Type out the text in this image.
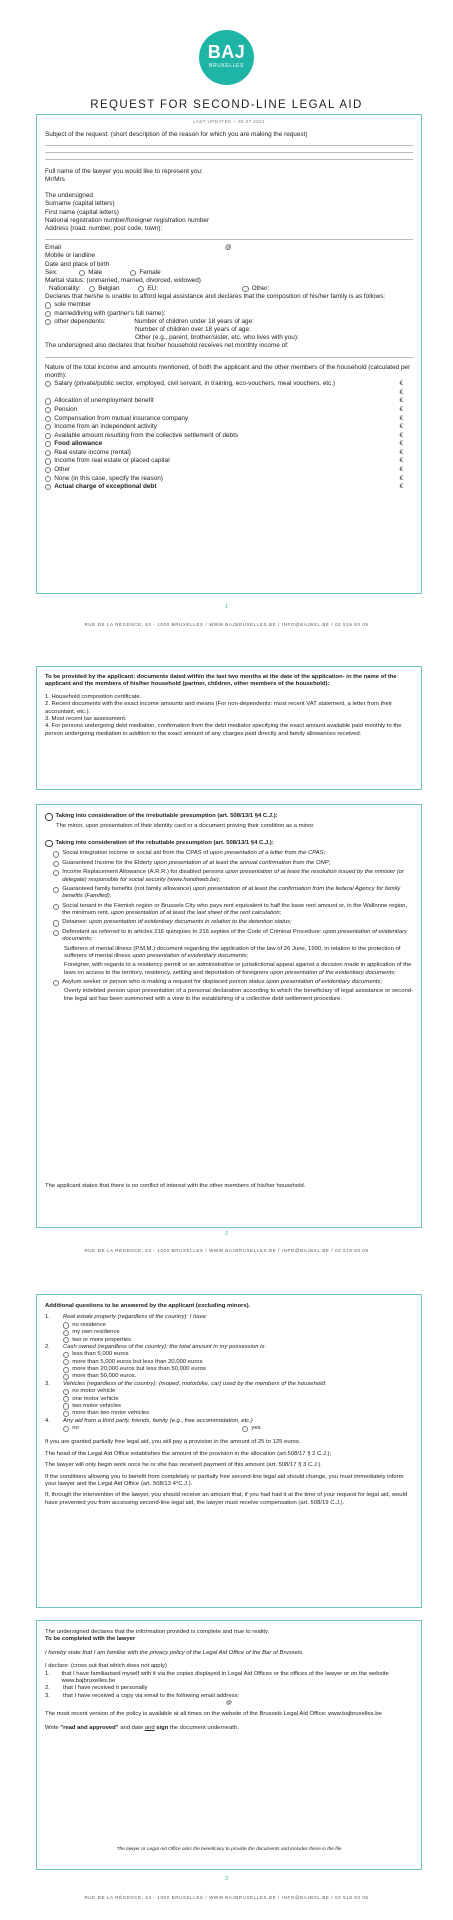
BAJ
BRUXELLES
REQUEST FOR SECOND-LINE LEGAL AID
LAST UPDATED – 30.07.2021
Subject of the request: (short description of the reason for which you are making the request)
Full name of the lawyer you would like to represent you:
Mr/Mrs
The undersigned
Surname (capital letters)
First name (capital letters)
National registration number/foreigner registration number
Address (road, number, post code, town):
Email	@
Mobile or landline
Date and place of birth
Sex:	Male	Female
Marital status: (unmarried, married, divorced, widowed)
Nationality:	Belgian	EU:	Other:
Declares that he/she is unable to afford legal assistance and declares that the composition of his/her family is as follows:
sole member
married/living with (partner's full name):
other dependents:	Number of children under 18 years of age:
Number of children over 18 years of age:
Other (e.g., parent, brother/sister, etc. who lives with you):
The undersigned also declares that his/her household receives net monthly income of:
Nature of the total income and amounts mentioned, of both the applicant and the other members of the household (calculated per month):
Salary (private/public sector, employed, civil servant, in training, eco-vouchers, meal vouchers, etc.)	€
€
Allocation of unemployment benefit	€
Pension	€
Compensation from mutual insurance company	€
Income from an independent activity	€
Available amount resulting from the collective settlement of debts	€
Food allowance	€
Real estate income (rental)	€
Income from real estate or placed capital	€
Other	€
None (in this case, specify the reason)	€
Actual charge of exceptional debt	€
1
RUE DE LA RÉGENCE, 63 - 1000 BRUXELLES / WWW.BAJBRUXELLES.BE / INFO@BAJBXL.BE / 02 519 83 05
To be provided by the applicant: documents dated within the last two months at the date of the application- in the name of the applicant and the members of his/her household (partner, children, other members of the household):
1. Household composition certificate.
2. Recent documents with the exact income amounts and means (For non-dependents: most recent VAT statement, a letter from their accountant, etc.).
3. Most recent tax assessment.
4. For persons undergoing debt mediation, confirmation from the debt mediator specifying the exact amount available paid monthly to the person undergoing mediation in addition to the exact amount of any charges paid directly and family allowances received.
Taking into consideration of the irrebuttable presumption (art. 508/13/1 §4 C.J.):
The minor, upon presentation of their identity card or a document proving their condition as a minor.
Taking into consideration of the rebuttable presumption (art. 508/13/1 §4 C.J.):
Social integration income or social aid from the CPAS of upon presentation of a letter from the CPAS;
Guaranteed Income for the Elderly upon presentation of at least the annual confirmation from the ONP;
Income Replacement Allowance (A.R.R.) for disabled persons upon presentation of at least the resolution issued by the minister (or delegate) responsible for social security (www.handiweb.be);
Guaranteed family benefits (not family allowance) upon presentation of at least the confirmation from the federal Agency for family benefits (Famifed);
Social tenant in the Flemish region or Brussels City who pays rent equivalent to half the base rent amount or, in the Wallonne region, the minimum rent, upon presentation of at least the last sheet of the rent calculation;
Detainee: upon presentation of evidentiary documents in relation to the detention status;
Defendant as referred to in articles 216 quinquies to 216 septies of the Code of Criminal Procedure: upon presentation of evidentiary documents;
Sufferers of mental illness (P.M.M.) document regarding the application of the law of 26 June, 1990, in relation to the protection of sufferers of mental illness upon presentation of evidentiary documents;
Foreigner, with regards to a residency permit or an administrative or jurisdictional appeal against a decision made in application of the laws on access to the territory, residency, settling and deportation of foreigners upon presentation of the evidentiary documents;
Asylum seeker or person who is making a request for displaced person status upon presentation of evidentiary documents;
Overly indebted person upon presentation of a personal declaration according to which the beneficiary of legal assistance or second-line legal aid has been summoned with a view to the establishing of a collective debt settlement procedure.
The applicant states that there is no conflict of interest with the other members of his/her household.
2
RUE DE LA RÉGENCE, 63 - 1000 BRUXELLES / WWW.BAJBRUXELLES.BE / INFO@BAJBXL.BE / 02 519 83 05
Additional questions to be answered by the applicant (excluding minors).
1.	Real estate property (regardless of the country): I have:
no residence
my own residence
two or more properties
2.	Cash owned (regardless of the country): the total amount in my possession is:
less than 5,000 euros
more than 5,000 euros but less than 20,000 euros
more than 20,000 euros but less than 50,000 euros
more than 50,000 euros.
3.	Vehicles (regardless of the country): (moped, motorbike, car) used by the members of the household:
no motor vehicle
one motor vehicle
two motor vehicles
more than two motor vehicles
4.	Any aid from a third party, friends, family (e.g., free accommodation, etc.)
no	yes
If you are granted partially free legal aid, you will pay a provision in the amount of 25 to 125 euros.
The head of the Legal Aid Office establishes the amount of the provision in the allocation (art.508/17 § 2 C.J.);
The lawyer will only begin work once he or she has received payment of this amount (art. 508/17 § 3 C.J.).
If the conditions allowing you to benefit from completely or partially free second-line legal aid should change, you must immediately inform your lawyer and the Legal Aid Office (art. 508/13 4°C.J.).
If, through the intervention of the lawyer, you should receive an amount that, if you had had it at the time of your request for legal aid, would have prevented you from accessing second-line legal aid, the lawyer must receive compensation (art. 508/19 C.J.).
The undersigned declares that the information provided is complete and true to reality.
To be completed with the lawyer
I hereby state that I am familiar with the privacy policy of the Legal Aid Office of the Bar of Brussels.
I declare: (cross out that which does not apply)
1.	that I have familiarised myself with it via the copies displayed in Legal Aid Offices or the offices of the lawyer or on the website www.bajbruxelles.be
2.	that I have received it personally
3.	that I have received a copy via email to the following email address:
@
The most recent version of the policy is available at all times on the website of the Brussels Legal Aid Office: www.bajbruxelles.be
Write "read and approved" and date and sign the document underneath.
The lawyer or Legal Aid Office asks the beneficiary to provide the documents and includes these in the file
3
RUE DE LA RÉGENCE, 63 - 1000 BRUXELLES / WWW.BAJBRUXELLES.BE / INFO@BAJBXL.BE / 02 519 83 05
